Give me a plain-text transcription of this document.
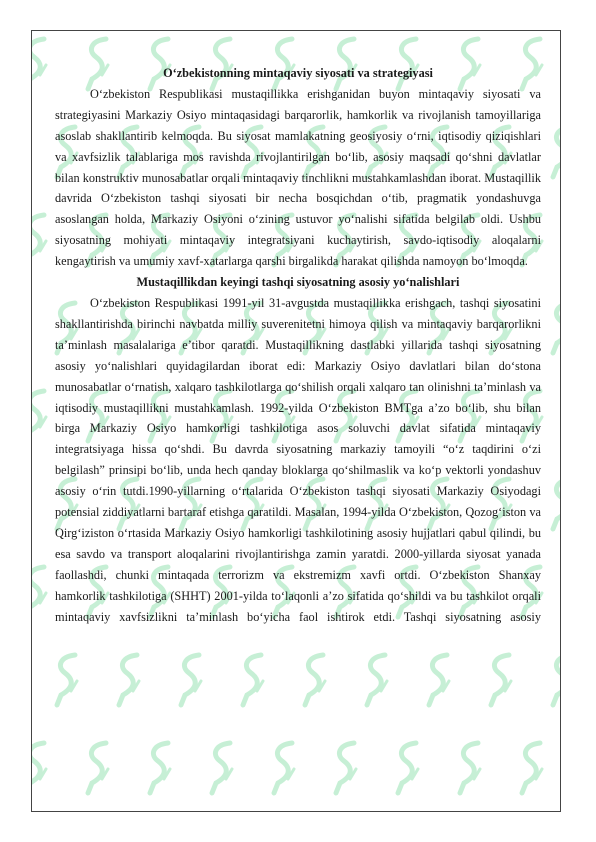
O‘zbekistonning mintaqaviy siyosati va strategiyasi

O‘zbekiston Respublikasi mustaqillikka erishganidan buyon mintaqaviy siyosati va strategiyasini Markaziy Osiyo mintaqasidagi barqarorlik, hamkorlik va rivojlanish tamoyillariga asoslab shakllantirib kelmoqda. Bu siyosat mamlakatning geosiyosiy o‘rni, iqtisodiy qiziqishlari va xavfsizlik talablariga mos ravishda rivojlantirilgan bo‘lib, asosiy maqsadi qo‘shni davlatlar bilan konstruktiv munosabatlar orqali mintaqaviy tinchlikni mustahkamlashdan iborat. Mustaqillik davrida O‘zbekiston tashqi siyosati bir necha bosqichdan o‘tib, pragmatik yondashuvga asoslangan holda, Markaziy Osiyoni o‘zining ustuvor yo‘nalishi sifatida belgilab oldi. Ushbu siyosatning mohiyati mintaqaviy integratsiyani kuchaytirish, savdo-iqtisodiy aloqalarni kengaytirish va umumiy xavf-xatarlarga qarshi birgalikda harakat qilishda namoyon bo‘lmoqda.

Mustaqillikdan keyingi tashqi siyosatning asosiy yo‘nalishlari

O‘zbekiston Respublikasi 1991-yil 31-avgustda mustaqillikka erishgach, tashqi siyosatini shakllantirishda birinchi navbatda milliy suverenitetni himoya qilish va mintaqaviy barqarorlikni ta’minlash masalalariga e’tibor qaratdi. Mustaqillikning dastlabki yillarida tashqi siyosatning asosiy yo‘nalishlari quyidagilardan iborat edi: Markaziy Osiyo davlatlari bilan do‘stona munosabatlar o‘rnatish, xalqaro tashkilotlarga qo‘shilish orqali xalqaro tan olinishni ta’minlash va iqtisodiy mustaqillikni mustahkamlash. 1992-yilda O‘zbekiston BMTga a’zo bo‘lib, shu bilan birga Markaziy Osiyo hamkorligi tashkilotiga asos soluvchi davlat sifatida mintaqaviy integratsiyaga hissa qo‘shdi. Bu davrda siyosatning markaziy tamoyili “o‘z taqdirini o‘zi belgilash” prinsipi bo‘lib, unda hech qanday bloklarga qo‘shilmaslik va ko‘p vektorli yondashuv asosiy o‘rin tutdi.1990-yillarning o‘rtalarida O‘zbekiston tashqi siyosati Markaziy Osiyodagi potensial ziddiyatlarni bartaraf etishga qaratildi. Masalan, 1994-yilda O‘zbekiston, Qozog‘iston va Qirg‘iziston o‘rtasida Markaziy Osiyo hamkorligi tashkilotining asosiy hujjatlari qabul qilindi, bu esa savdo va transport aloqalarini rivojlantirishga zamin yaratdi. 2000-yillarda siyosat yanada faollashdi, chunki mintaqada terrorizm va ekstremizm xavfi ortdi. O‘zbekiston Shanxay hamkorlik tashkilotiga (SHHT) 2001-yilda to‘laqonli a’zo sifatida qo‘shildi va bu tashkilot orqali mintaqaviy xavfsizlikni ta’minlash bo‘yicha faol ishtirok etdi. Tashqi siyosatning asosiy
